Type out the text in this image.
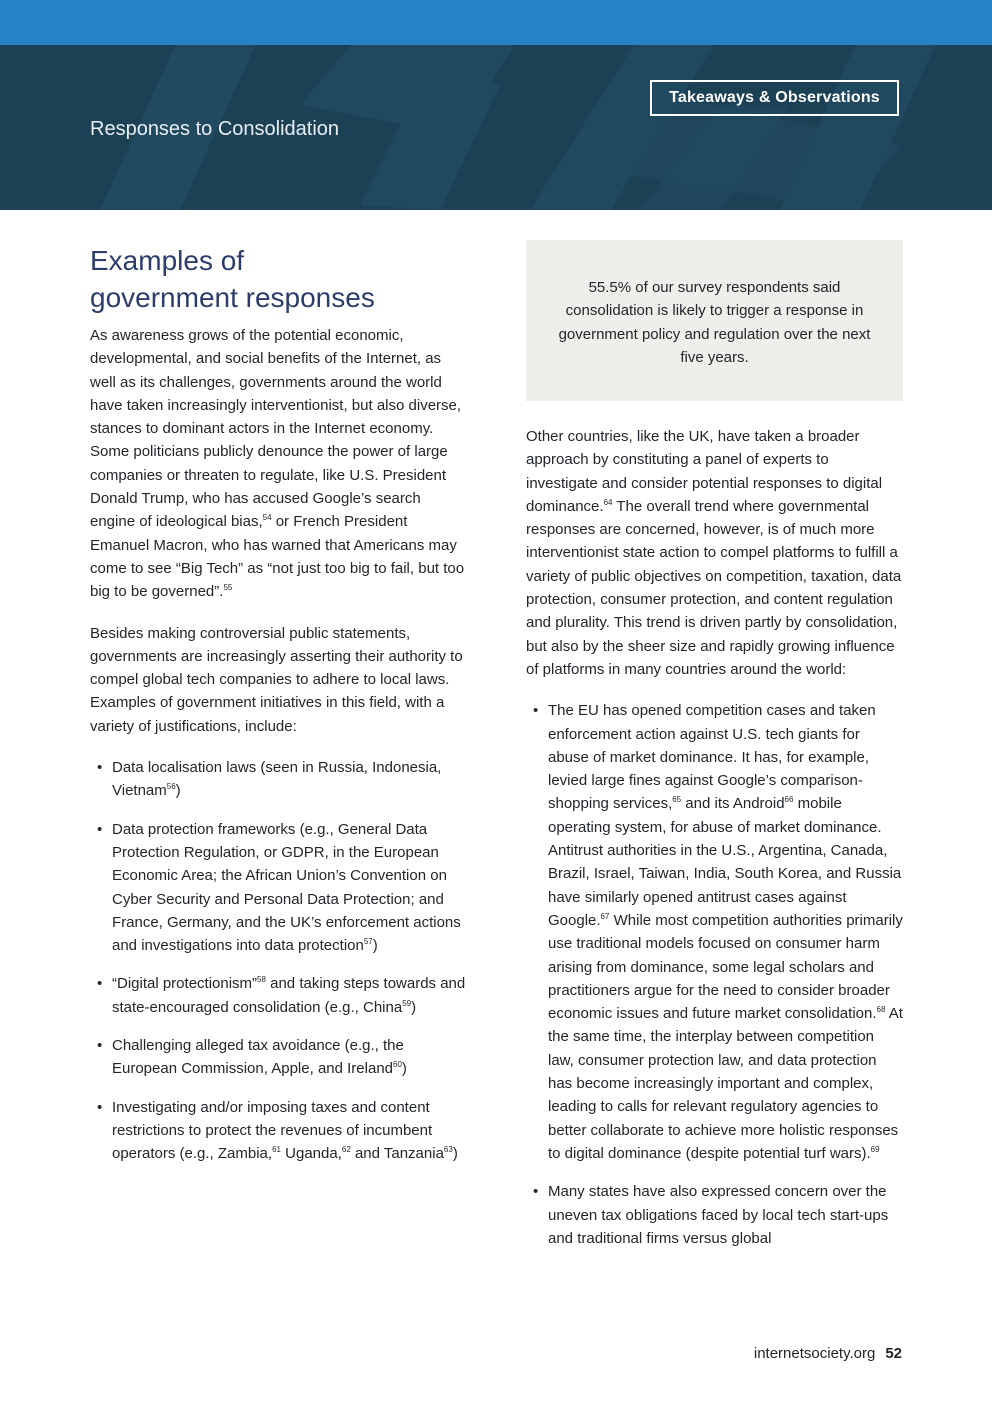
Responses to Consolidation
Takeaways & Observations
Examples of
government responses

As awareness grows of the potential economic, developmental, and social benefits of the Internet, as well as its challenges, governments around the world have taken increasingly interventionist, but also diverse, stances to dominant actors in the Internet economy. Some politicians publicly denounce the power of large companies or threaten to regulate, like U.S. President Donald Trump, who has accused Google’s search engine of ideological bias,$^{54}$ or French President Emanuel Macron, who has warned that Americans may come to see “Big Tech” as “not just too big to fail, but too big to be governed”.$^{55}$

Besides making controversial public statements, governments are increasingly asserting their authority to compel global tech companies to adhere to local laws. Examples of government initiatives in this field, with a variety of justifications, include:

• Data localisation laws (seen in Russia, Indonesia, Vietnam$^{56}$)
• Data protection frameworks (e.g., General Data Protection Regulation, or GDPR, in the European Economic Area; the African Union’s Convention on Cyber Security and Personal Data Protection; and France, Germany, and the UK’s enforcement actions and investigations into data protection$^{57}$)
• “Digital protectionism”$^{58}$ and taking steps towards and state-encouraged consolidation (e.g., China$^{59}$)
• Challenging alleged tax avoidance (e.g., the European Commission, Apple, and Ireland$^{60}$)
• Investigating and/or imposing taxes and content restrictions to protect the revenues of incumbent operators (e.g., Zambia,$^{61}$ Uganda,$^{62}$ and Tanzania$^{63}$)
55.5% of our survey respondents said consolidation is likely to trigger a response in government policy and regulation over the next five years.

Other countries, like the UK, have taken a broader approach by constituting a panel of experts to investigate and consider potential responses to digital dominance.$^{64}$ The overall trend where governmental responses are concerned, however, is of much more interventionist state action to compel platforms to fulfill a variety of public objectives on competition, taxation, data protection, consumer protection, and content regulation and plurality. This trend is driven partly by consolidation, but also by the sheer size and rapidly growing influence of platforms in many countries around the world:

• The EU has opened competition cases and taken enforcement action against U.S. tech giants for abuse of market dominance. It has, for example, levied large fines against Google’s comparison-shopping services,$^{65}$ and its Android$^{66}$ mobile operating system, for abuse of market dominance. Antitrust authorities in the U.S., Argentina, Canada, Brazil, Israel, Taiwan, India, South Korea, and Russia have similarly opened antitrust cases against Google.$^{67}$ While most competition authorities primarily use traditional models focused on consumer harm arising from dominance, some legal scholars and practitioners argue for the need to consider broader economic issues and future market consolidation.$^{68}$ At the same time, the interplay between competition law, consumer protection law, and data protection has become increasingly important and complex, leading to calls for relevant regulatory agencies to better collaborate to achieve more holistic responses to digital dominance (despite potential turf wars).$^{69}$
• Many states have also expressed concern over the uneven tax obligations faced by local tech start-ups and traditional firms versus global
internetsociety.org 52
